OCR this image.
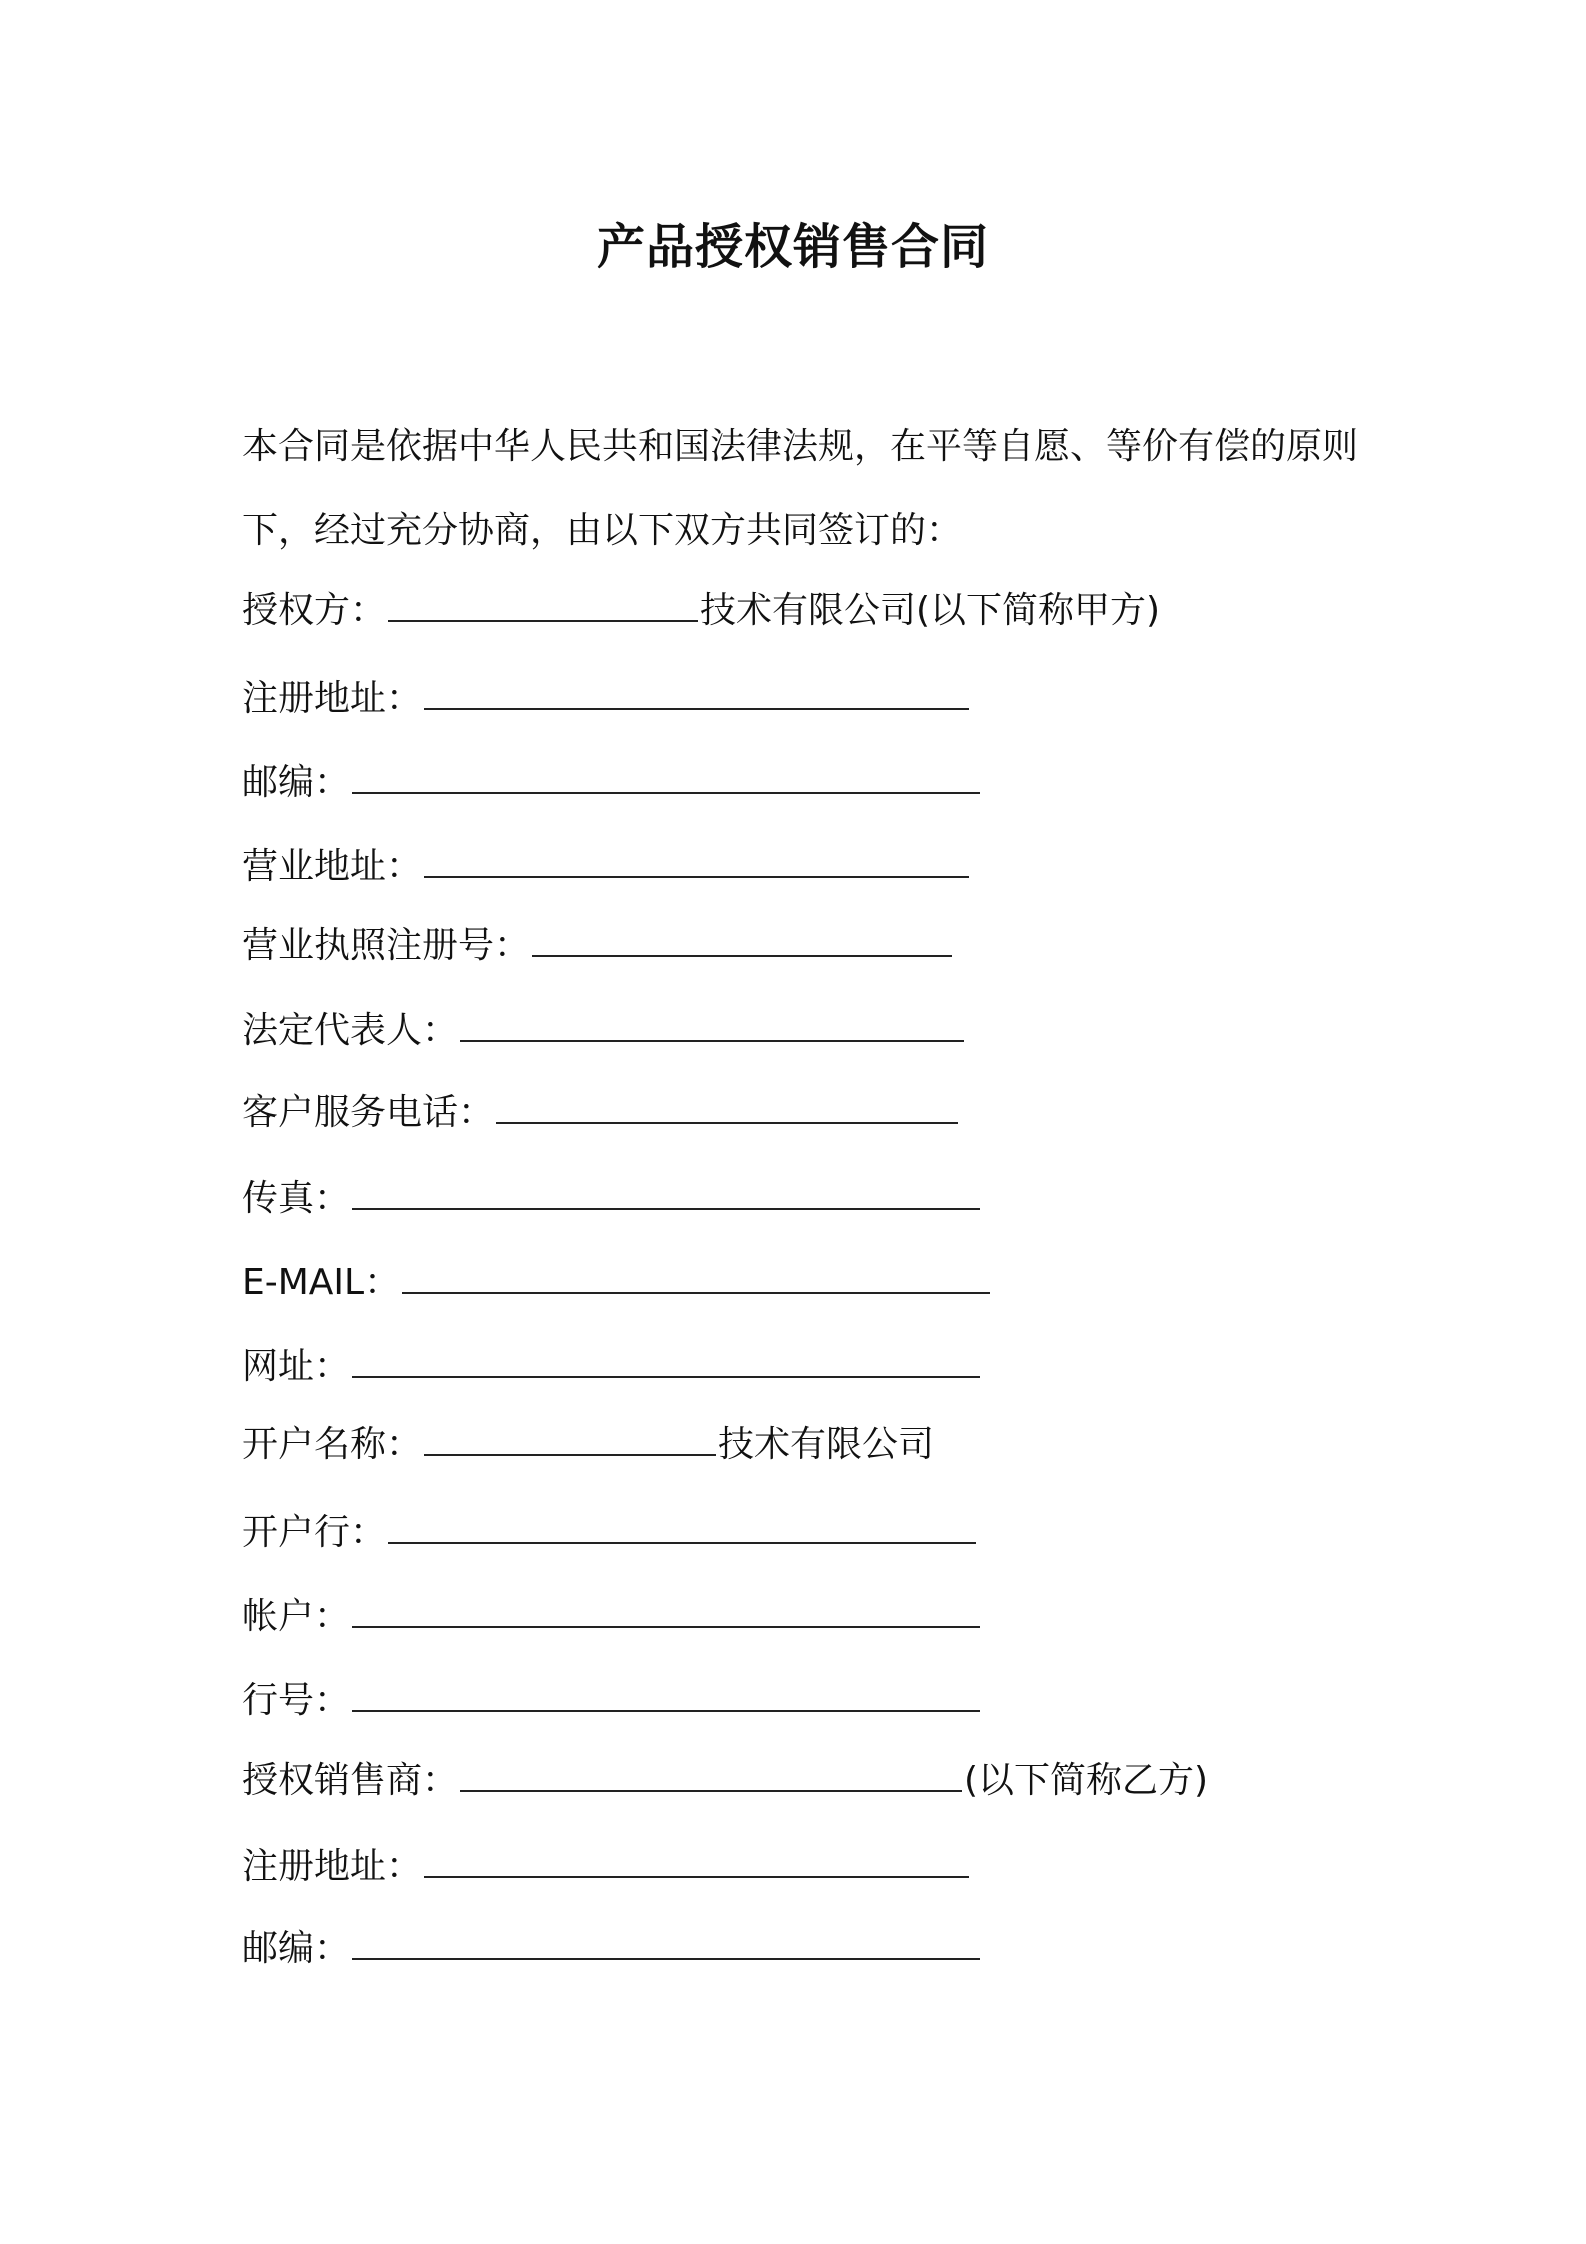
产品授权销售合同

本合同是依据中华人民共和国法律法规，在平等自愿、等价有偿的原则下，经过充分协商，由以下双方共同签订的：

授权方：	技术有限公司(以下简称甲方)
注册地址：
邮编：
营业地址：
营业执照注册号：
法定代表人：
客户服务电话：
传真：
E-MAIL：
网址：
开户名称：	技术有限公司
开户行：
帐户：
行号：
授权销售商：	(以下简称乙方)
注册地址：
邮编：
